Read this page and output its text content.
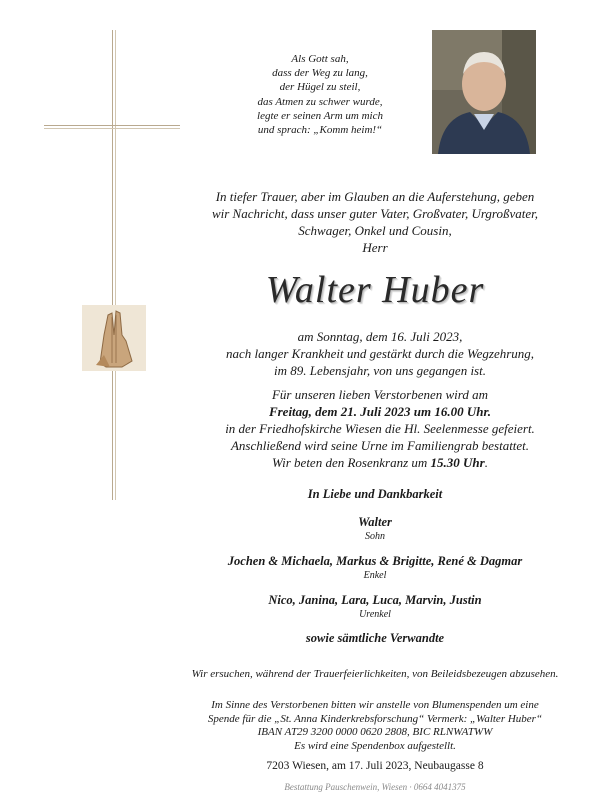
Als Gott sah,
dass der Weg zu lang,
der Hügel zu steil,
das Atmen zu schwer wurde,
legte er seinen Arm um mich
und sprach: „Komm heim!“
In tiefer Trauer, aber im Glauben an die Auferstehung, geben
wir Nachricht, dass unser guter Vater, Großvater, Urgroßvater,
Schwager, Onkel und Cousin,
Herr
Walter Huber
am Sonntag, dem 16. Juli 2023,
nach langer Krankheit und gestärkt durch die Wegzehrung,
im 89. Lebensjahr, von uns gegangen ist.
Für unseren lieben Verstorbenen wird am
Freitag, dem 21. Juli 2023 um 16.00 Uhr.
in der Friedhofskirche Wiesen die Hl. Seelenmesse gefeiert.
Anschließend wird seine Urne im Familiengrab bestattet.
Wir beten den Rosenkranz um 15.30 Uhr.
In Liebe und Dankbarkeit
Walter
Sohn
Jochen & Michaela, Markus & Brigitte, René & Dagmar
Enkel
Nico, Janina, Lara, Luca, Marvin, Justin
Urenkel
sowie sämtliche Verwandte
Wir ersuchen, während der Trauerfeierlichkeiten, von Beileidsbezeugen abzusehen.
Im Sinne des Verstorbenen bitten wir anstelle von Blumenspenden um eine
Spende für die „St. Anna Kinderkrebsforschung“ Vermerk: „Walter Huber“
IBAN AT29 3200 0000 0620 2808, BIC RLNWATWW
Es wird eine Spendenbox aufgestellt.
7203 Wiesen, am 17. Juli 2023, Neubaugasse 8
Bestattung Pauschenwein, Wiesen · 0664 4041375
